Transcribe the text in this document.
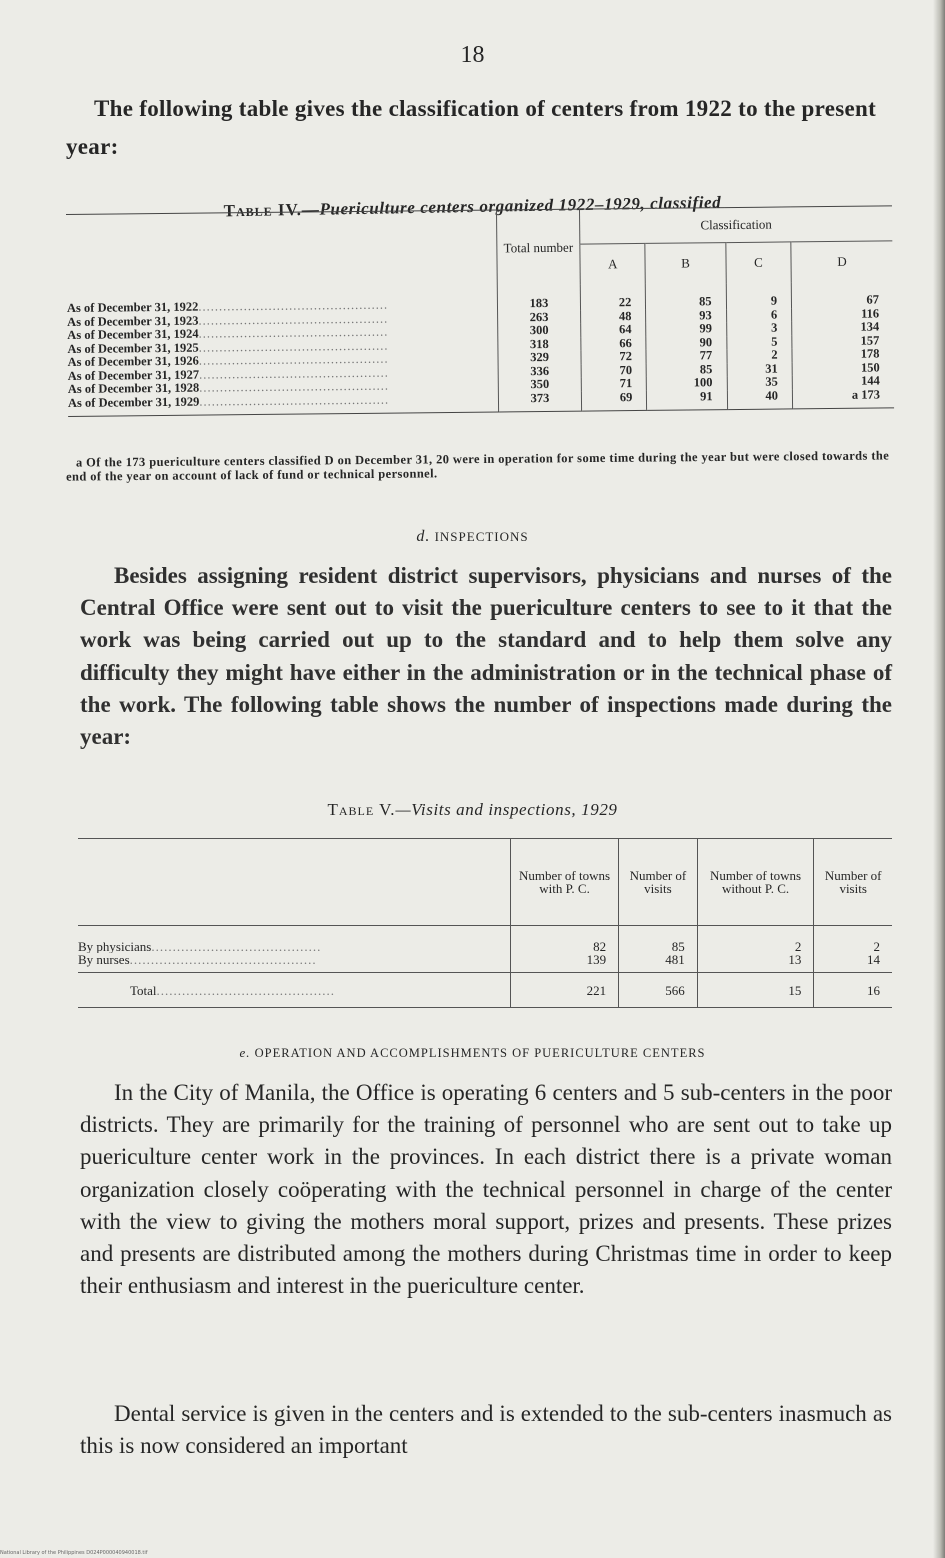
18

The following table gives the classification of centers from 1922 to the present year:

Table IV.—Puericulture centers organized 1922–1929, classified
	Total number	Classification			
		A	B	C	D
As of December 31, 1922..............................................	183	22	85	9	67
As of December 31, 1923..............................................	263	48	93	6	116
As of December 31, 1924..............................................	300	64	99	3	134
As of December 31, 1925..............................................	318	66	90	5	157
As of December 31, 1926..............................................	329	72	77	2	178
As of December 31, 1927..............................................	336	70	85	31	150
As of December 31, 1928..............................................	350	71	100	35	144
As of December 31, 1929..............................................	373	69	91	40	a 173

a Of the 173 puericulture centers classified D on December 31, 20 were in operation for some time during the year but were closed towards the end of the year on account of lack of fund or technical personnel.

d. INSPECTIONS

Besides assigning resident district supervisors, physicians and nurses of the Central Office were sent out to visit the puericulture centers to see to it that the work was being carried out up to the standard and to help them solve any difficulty they might have either in the administration or in the technical phase of the work. The following table shows the number of inspections made during the year:

Table V.—Visits and inspections, 1929
	Number of towns with P. C.	Number of visits	Number of towns without P. C.	Number of visits
By physicians........................................	82	85	2	2
By nurses............................................	139	481	13	14
Total..........................................	221	566	15	16
e. OPERATION AND ACCOMPLISHMENTS OF PUERICULTURE CENTERS

In the City of Manila, the Office is operating 6 centers and 5 sub-centers in the poor districts. They are primarily for the training of personnel who are sent out to take up puericulture center work in the provinces. In each district there is a private woman organization closely coöperating with the technical personnel in charge of the center with the view to giving the mothers moral support, prizes and presents. These prizes and presents are distributed among the mothers during Christmas time in order to keep their enthusiasm and interest in the puericulture center.

Dental service is given in the centers and is extended to the sub-centers inasmuch as this is now considered an important

National Library of the Philippines D024P000040940018.tif
